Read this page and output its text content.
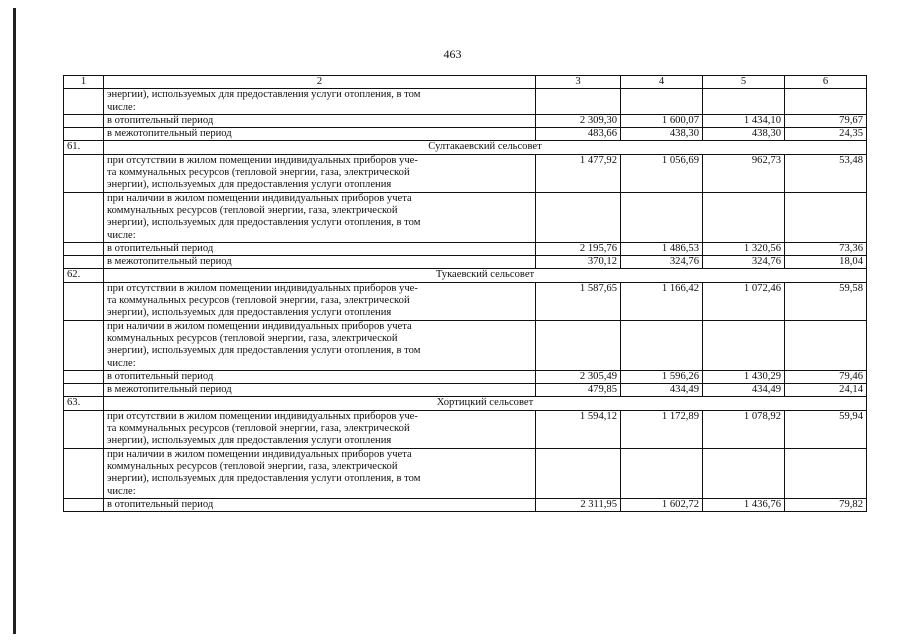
463
1	2	3	4	5	6

	энергии), используемых для предоставления услуги отопления, в том
числе:				

	в отопительный период	2 309,30	1 600,07	1 434,10	79,67

	в межотопительный период	483,66	438,30	438,30	24,35
61.	Султакаевский сельсовет				

	при отсутствии в жилом помещении индивидуальных приборов уче-
та коммунальных ресурсов (тепловой энергии, газа, электрической
энергии), используемых для предоставления услуги отопления	1 477,92	1 056,69	962,73	53,48

	при наличии в жилом помещении индивидуальных приборов учета
коммунальных ресурсов (тепловой энергии, газа, электрической
энергии), используемых для предоставления услуги отопления, в том
числе:				

	в отопительный период	2 195,76	1 486,53	1 320,56	73,36

	в межотопительный период	370,12	324,76	324,76	18,04
62.	Тукаевский сельсовет				

	при отсутствии в жилом помещении индивидуальных приборов уче-
та коммунальных ресурсов (тепловой энергии, газа, электрической
энергии), используемых для предоставления услуги отопления	1 587,65	1 166,42	1 072,46	59,58

	при наличии в жилом помещении индивидуальных приборов учета
коммунальных ресурсов (тепловой энергии, газа, электрической
энергии), используемых для предоставления услуги отопления, в том
числе:				

	в отопительный период	2 305,49	1 596,26	1 430,29	79,46

	в межотопительный период	479,85	434,49	434,49	24,14
63.	Хортицкий сельсовет				

	при отсутствии в жилом помещении индивидуальных приборов уче-
та коммунальных ресурсов (тепловой энергии, газа, электрической
энергии), используемых для предоставления услуги отопления	1 594,12	1 172,89	1 078,92	59,94

	при наличии в жилом помещении индивидуальных приборов учета
коммунальных ресурсов (тепловой энергии, газа, электрической
энергии), используемых для предоставления услуги отопления, в том
числе:				

	в отопительный период	2 311,95	1 602,72	1 436,76	79,82
